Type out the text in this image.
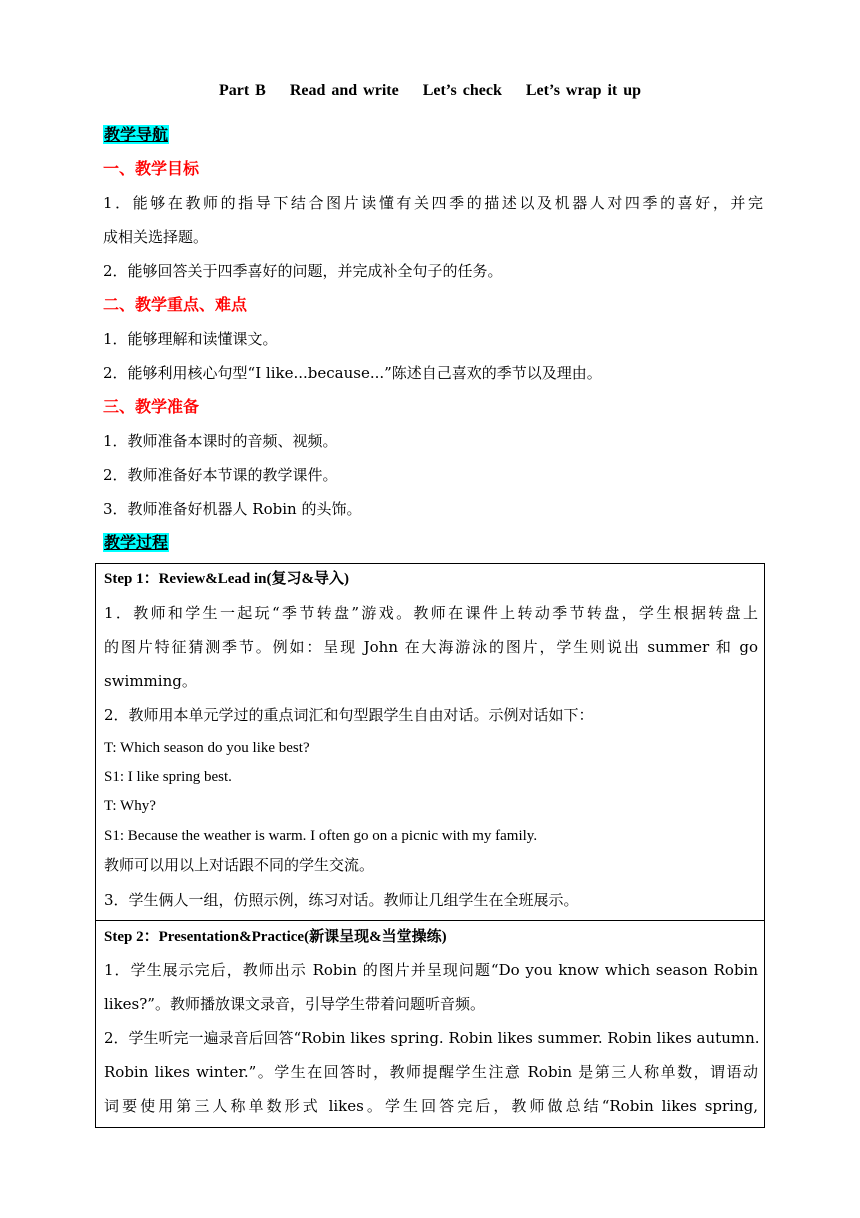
Part B    Read and write    Let’s check    Let’s wrap it up
教学导航
一、教学目标
1．能够在教师的指导下结合图片读懂有关四季的描述以及机器人对四季的喜好，并完
成相关选择题。
2．能够回答关于四季喜好的问题，并完成补全句子的任务。
二、教学重点、难点
1．能够理解和读懂课文。
2．能够利用核心句型“I like...because...”陈述自己喜欢的季节以及理由。
三、教学准备
1．教师准备本课时的音频、视频。
2．教师准备好本节课的教学课件。
3．教师准备好机器人 Robin 的头饰。
教学过程
Step 1：Review&Lead in(复习&导入)
1．教师和学生一起玩“季节转盘”游戏。教师在课件上转动季节转盘，学生根据转盘上
的图片特征猜测季节。例如：呈现 John 在大海游泳的图片，学生则说出 summer 和 go
swimming。
2．教师用本单元学过的重点词汇和句型跟学生自由对话。示例对话如下：
T: Which season do you like best?
S1: I like spring best.
T: Why?
S1: Because the weather is warm. I often go on a picnic with my family.
教师可以用以上对话跟不同的学生交流。
3．学生俩人一组，仿照示例，练习对话。教师让几组学生在全班展示。
Step 2：Presentation&Practice(新课呈现&当堂操练)
1．学生展示完后，教师出示 Robin 的图片并呈现问题“Do you know which season Robin
likes?”。教师播放课文录音，引导学生带着问题听音频。
2．学生听完一遍录音后回答“Robin likes spring. Robin likes summer. Robin likes autumn.
Robin likes winter.”。学生在回答时，教师提醒学生注意 Robin 是第三人称单数，谓语动
词要使用第三人称单数形式 likes。学生回答完后，教师做总结“Robin likes spring,
